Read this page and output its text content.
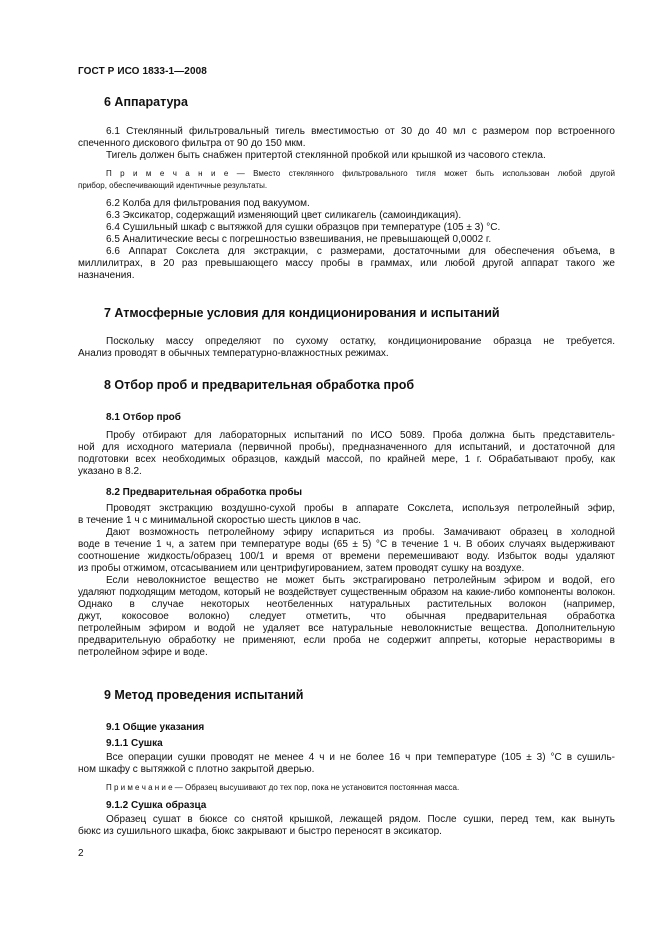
ГОСТ Р ИСО 1833-1—2008
6 Аппаратура
6.1 Стеклянный фильтровальный тигель вместимостью от 30 до 40 мл с размером пор встроенного
спеченного дискового фильтра от 90 до 150 мкм.
Тигель должен быть снабжен притертой стеклянной пробкой или крышкой из часового стекла.
П р и м е ч а н и е — Вместо стеклянного фильтровального тигля может быть использован любой другой
прибор, обеспечивающий идентичные результаты.
6.2 Колба для фильтрования под вакуумом.
6.3 Эксикатор, содержащий изменяющий цвет силикагель (самоиндикация).
6.4 Сушильный шкаф с вытяжкой для сушки образцов при температуре (105 ± 3) °С.
6.5 Аналитические весы с погрешностью взвешивания, не превышающей 0,0002 г.
6.6 Аппарат Сокслета для экстракции, с размерами, достаточными для обеспечения объема, в
миллилитрах, в 20 раз превышающего массу пробы в граммах, или любой другой аппарат такого же
назначения.
7 Атмосферные условия для кондиционирования и испытаний
Поскольку массу определяют по сухому остатку, кондиционирование образца не требуется.
Анализ проводят в обычных температурно-влажностных режимах.
8 Отбор проб и предварительная обработка проб
8.1 Отбор проб
Пробу отбирают для лабораторных испытаний по ИСО 5089. Проба должна быть представитель-
ной для исходного материала (первичной пробы), предназначенного для испытаний, и достаточной для
подготовки всех необходимых образцов, каждый массой, по крайней мере, 1 г. Обрабатывают пробу, как
указано в 8.2.
8.2 Предварительная обработка пробы
Проводят экстракцию воздушно-сухой пробы в аппарате Сокслета, используя петролейный эфир,
в течение 1 ч с минимальной скоростью шесть циклов в час.
Дают возможность петролейному эфиру испариться из пробы. Замачивают образец в холодной
воде в течение 1 ч, а затем при температуре воды (65 ± 5) °С в течение 1 ч. В обоих случаях выдерживают
соотношение жидкость/образец 100/1 и время от времени перемешивают воду. Избыток воды удаляют
из пробы отжимом, отсасыванием или центрифугированием, затем проводят сушку на воздухе.
Если неволокнистое вещество не может быть экстрагировано петролейным эфиром и водой, его
удаляют подходящим методом, который не воздействует существенным образом на какие-либо компоненты волокон.
Однако в случае некоторых неотбеленных натуральных растительных волокон (например,
джут, кокосовое волокно) следует отметить, что обычная предварительная обработка
петролейным эфиром и водой не удаляет все натуральные неволокнистые вещества. Дополнительную
предварительную обработку не применяют, если проба не содержит аппреты, которые нерастворимы в
петролейном эфире и воде.
9 Метод проведения испытаний
9.1 Общие указания
9.1.1 Сушка
Все операции сушки проводят не менее 4 ч и не более 16 ч при температуре (105 ± 3) °С в сушиль-
ном шкафу с вытяжкой с плотно закрытой дверью.
П р и м е ч а н и е — Образец высушивают до тех пор, пока не установится постоянная масса.
9.1.2 Сушка образца
Образец сушат в бюксе со снятой крышкой, лежащей рядом. После сушки, перед тем, как вынуть
бюкс из сушильного шкафа, бюкс закрывают и быстро переносят в эксикатор.
2
